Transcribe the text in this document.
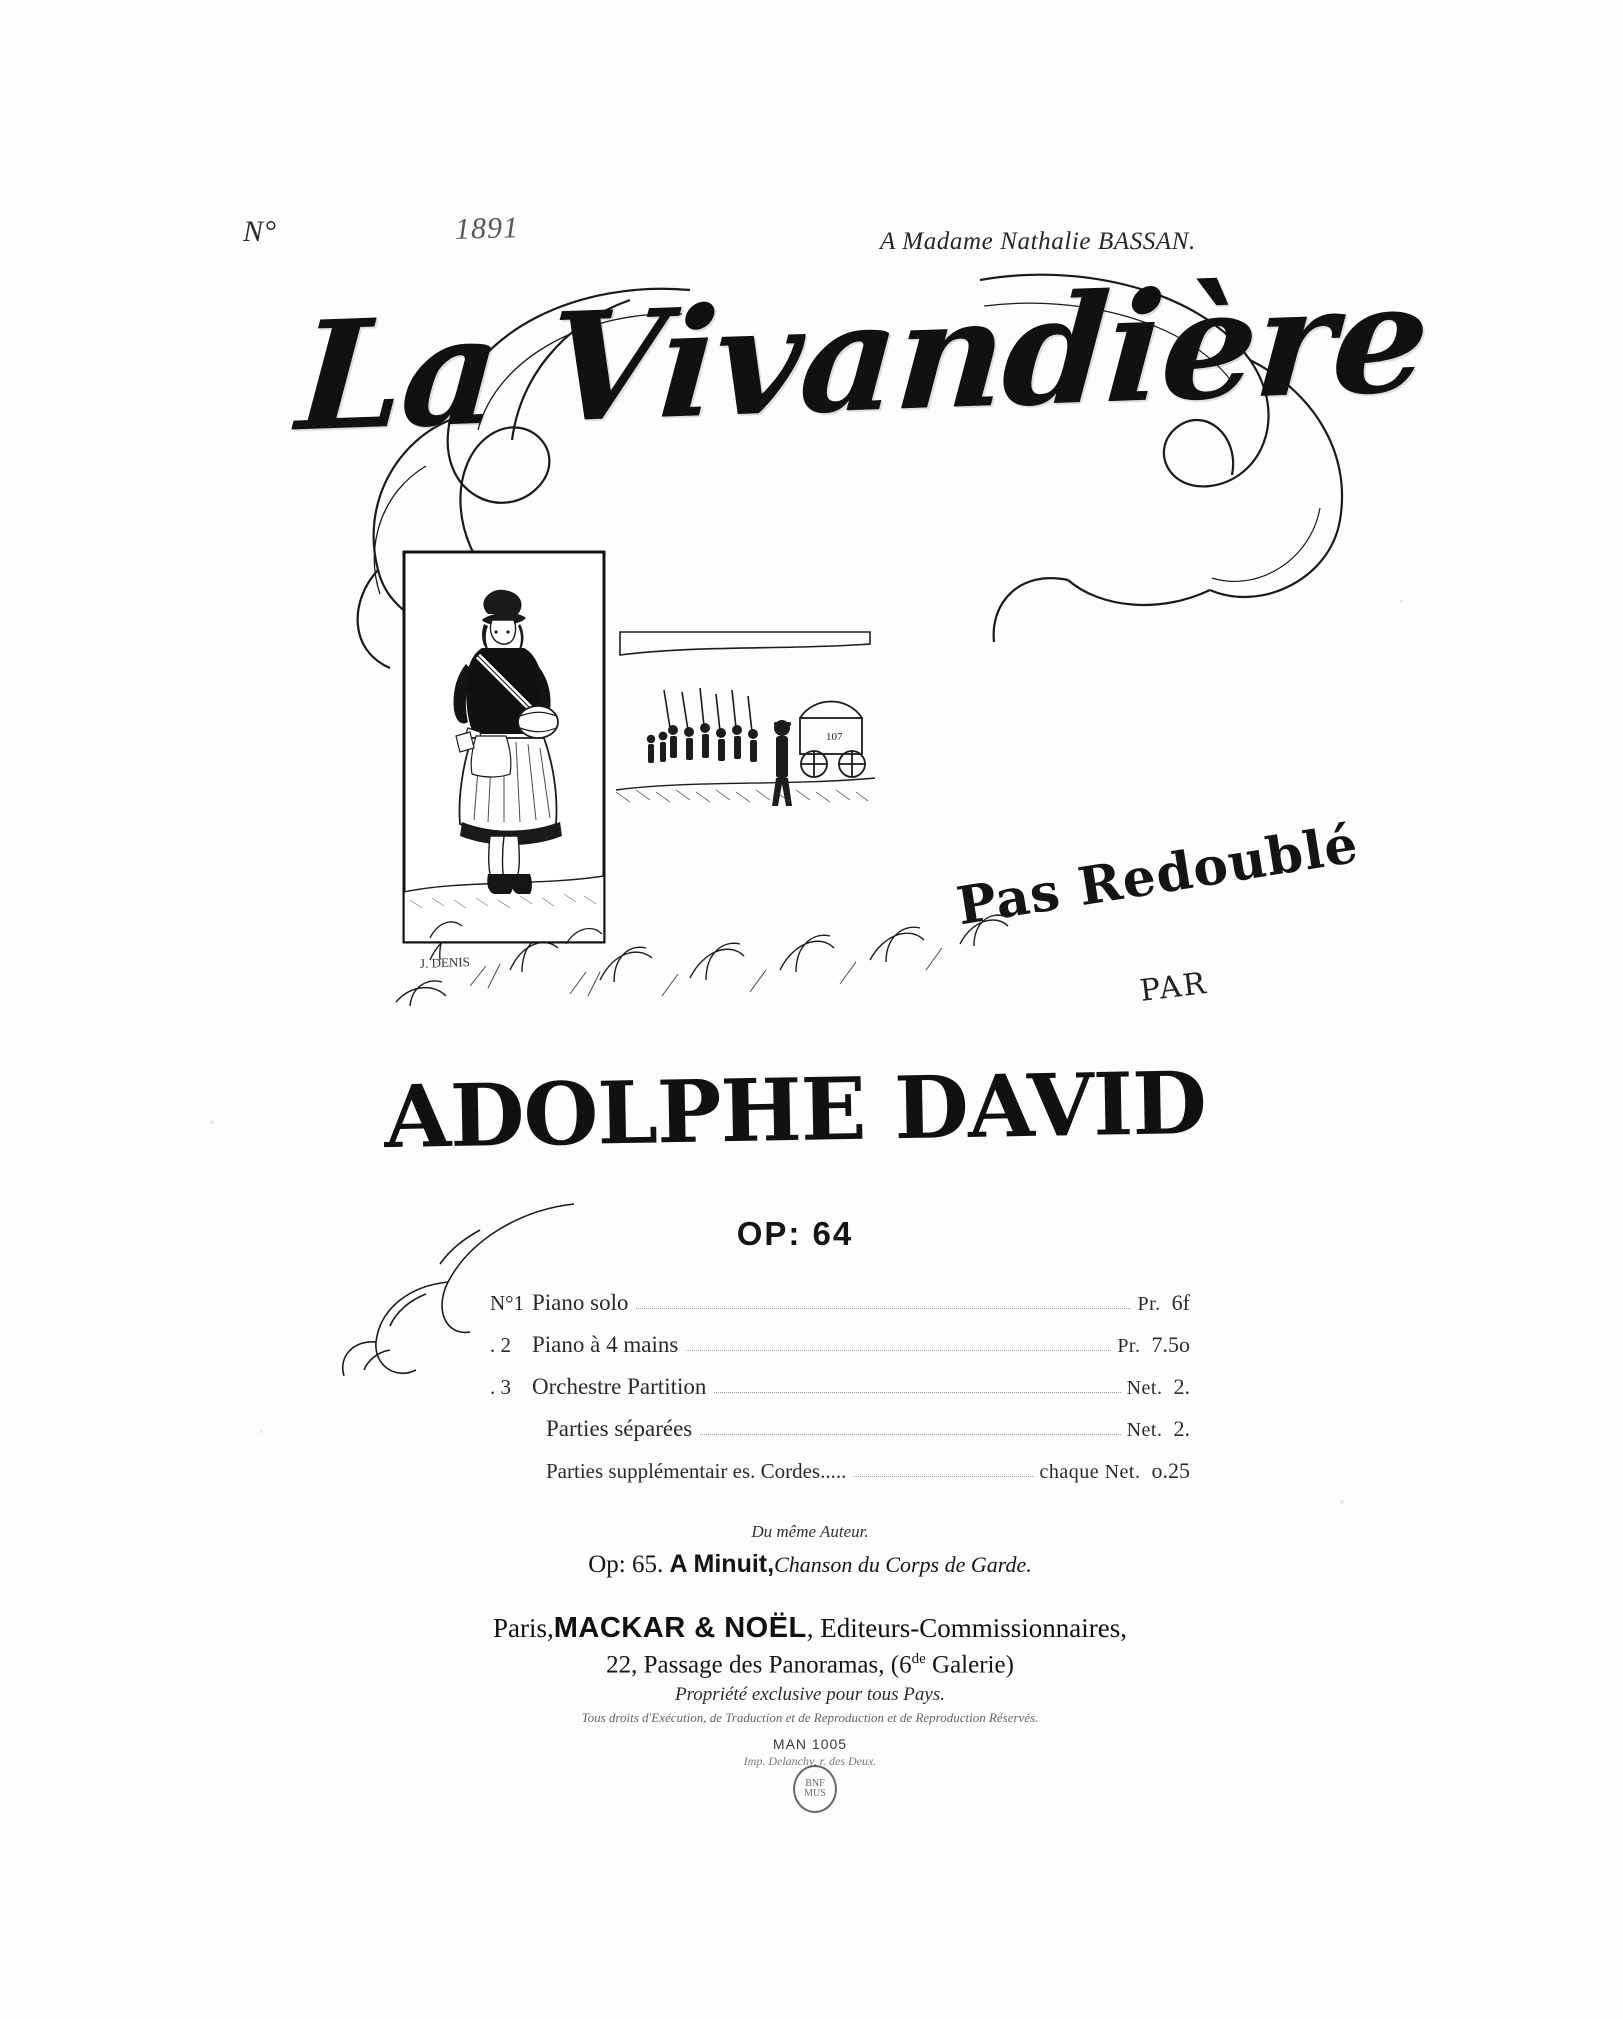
N°	1891	A Madame Nathalie BASSAN.
La Vivandière
107
J. DENIS
Pas Redoublé
PAR
ADOLPHE DAVID
OP: 64
N°1 Piano solo	Pr. 6f
. 2 Piano à 4 mains	Pr. 7.5o
. 3 Orchestre Partition	Net. 2.
Parties séparées	Net. 2.
Parties supplémentair es. Cordes.....	chaque Net. o.25
Du même Auteur.
Op: 65. A Minuit,Chanson du Corps de Garde.
Paris,MACKAR & NOËL, Editeurs-Commissionnaires,
22, Passage des Panoramas, (6de Galerie)
Propriété exclusive pour tous Pays.
Tous droits d'Exécution, de Traduction et de Reproduction et de Reproduction Réservés.
MAN 1005
Imp. Delanchy, r. des Deux.
BNF MUS
